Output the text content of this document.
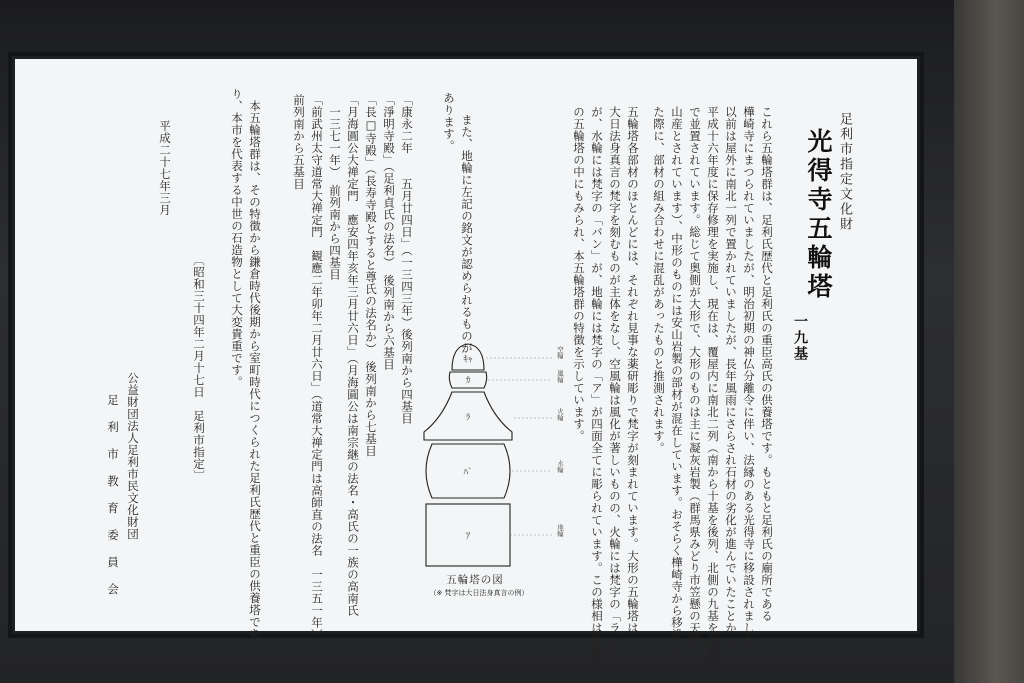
足利市指定文化財
光得寺五輪塔
一九基
これら五輪塔群は、足利氏歴代と足利氏の重臣高氏の供養塔です。もともと足利氏の廟所である
樺崎寺にまつられていましたが、明治初期の神仏分離令に伴い、法縁のある光得寺に移設されました。
以前は屋外に南北一列で置かれていましたが、長年風雨にさらされ石材の劣化が進んでいたことから、
平成十六年度に保存修理を実施し、現在は、覆屋内に南北二列（南から十基を後列、北側の九基を前列）
で並置されています。総じて奥側が大形で、大形のものは主に凝灰岩製（群馬県みどり市笠懸の天神
山産とされています）、中形のものには安山岩製の部材が混在しています。おそらく樺崎寺から移設し
た際に、部材の組み合わせに混乱があったものと推測されます。
五輪塔各部材のほとんどには、それぞれ見事な薬研彫りで梵字が刻まれています。大形の五輪塔は
大日法身真言の梵字を刻むものが主体をなし、空風輪は風化が著しいものの、火輪には梵字の「ラン」
が、水輪には梵字の「バン」が、地輪には梵字の「ア」が四面全てに彫られています。この様相は中形
の五輪塔の中にもみられ、本五輪塔群の特徴を示しています。
また、地輪に左記の銘文が認められるものが
あります。
「康永二年　　五月廿四日」（一三四三年）後列南から四基目
「淨明寺殿」（足利貞氏の法名）　後列南から六基目
「長□寺殿」（長寿寺殿とすると尊氏の法名か）　後列南から七基目
「月海圓公大禅定門　應安四年亥年三月廿六日」（月海圓公は南宗継の法名・高氏の一族の高南氏
　一三七一年）　前列南から四基目
「前武州太守道常大禅定門　観應二年卯年二月廿六日」（道常大禅定門は高師直の法名　一三五一年）
前列南から五基目
本五輪塔群は、その特徴から鎌倉時代後期から室町時代につくられた足利氏歴代と重臣の供養塔であ
り、本市を代表する中世の石造物として大変貴重です。
〔昭和三十四年二月十七日　足利市指定〕
平成二十七年三月
公益財団法人足利市民文化財団
足　利　市　教　育　委　員　会
ｷｬ
ｶ
ﾗ
ﾊﾞ
ｱ
空輪
風輪
火輪
水輪
地輪
五輪塔の図
（※ 梵字は大日法身真言の例）
